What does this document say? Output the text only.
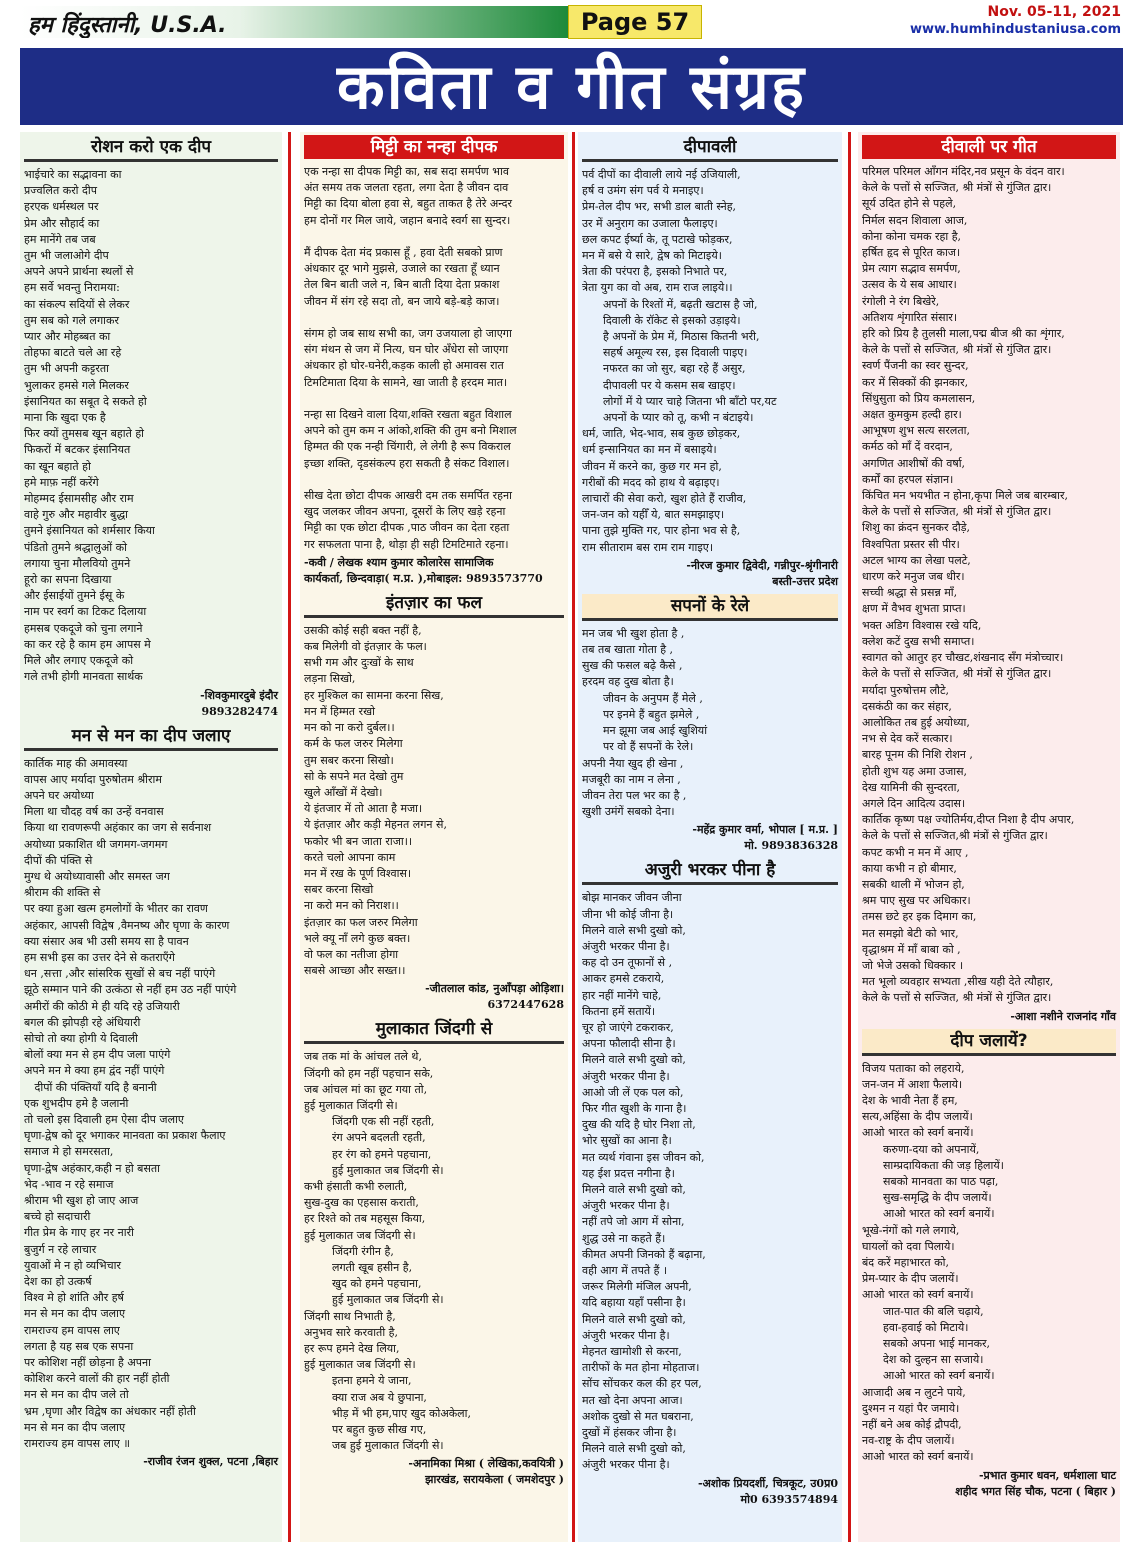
हम हिंदुस्तानी, U.S.A.	Page 57	Nov. 05-11, 2021
www.humhindustaniusa.com
कविता व गीत संग्रह
रोशन करो एक दीप
भाईचारे का सद्भावना का
प्रज्वलित करो दीप
हरएक धर्मस्थल पर
प्रेम और सौहार्द का
हम मानेंगे तब जब
तुम भी जलाओगे दीप
अपने अपने प्रार्थना स्थलों से
हम सर्वे भवन्तु निरामया:
का संकल्प सदियों से लेकर
तुम सब को गले लगाकर
प्यार और मोहब्बत का
तोहफा बाटते चले आ रहे
तुम भी अपनी कट्टरता
भुलाकर हमसे गले मिलकर
इंसानियत का सबूत दे सकते हो
माना कि खुदा एक है
फिर क्यों तुमसब खून बहाते हो
फिकरों में बटकर इंसानियत
का खून बहाते हो
हमे माफ़ नहीं करेंगे
मोहम्मद ईसामसीह और राम
वाहे गुरु और महावीर बुद्धा
तुमने इंसानियत को शर्मसार किया
पंडितो तुमने श्रद्धालुओं को
लगाया चुना मौलवियो तुमने
हूरो का सपना दिखाया
और ईसाईयों तुमने ईसू के
नाम पर स्वर्ग का टिकट दिलाया
हमसब एकदूजे को चुना लगाने
का कर रहे है काम हम आपस मे
मिले और लगाए एकदूजे को
गले तभी होगी मानवता सार्थक
-शिवकुमारदुबे इंदौर
9893282474
मन से मन का दीप जलाए
कार्तिक माह की अमावस्या
वापस आए मर्यादा पुरुषोतम श्रीराम
अपने घर अयोध्या
मिला था चौदह वर्ष का उन्हें वनवास
किया था रावणरूपी अहंकार का जग से सर्वनाश
अयोध्या प्रकाशित थी जगमग-जगमग
दीपों की पंक्ति से
मुग्ध थे अयोध्यावासी और समस्त जग
श्रीराम की शक्ति से
पर क्या हुआ खत्म हमलोगों के भीतर का रावण
अहंकार, आपसी विद्वेष ,वैमनष्य और घृणा के कारण
क्या संसार अब भी उसी समय सा है पावन
हम सभी इस का उत्तर देने से कतराएँगे
धन ,सत्ता ,और सांसरिक सुखों से बच नहीं पाएंगे
झूठे सम्मान पाने की उत्कंठा से नहीं हम उठ नहीं पाएंगे
अमीरों की कोठी मे ही यदि रहे उजियारी
बगल की झोपड़ी रहे अंधियारी
सोचो तो क्या होगी ये दिवाली
बोलों क्या मन से हम दीप जला पाएंगे
अपने मन मे क्या हम द्वंद नहीं पाएंगे
दीपों की पंक्तियाँ यदि है बनानी
एक शुभदीप हमे है जलानी
तो चलो इस दिवाली हम ऐसा दीप जलाए
घृणा-द्वेष को दूर भगाकर मानवता का प्रकाश फैलाए
समाज मे हो समरसता,
घृणा-द्वेष अहंकार,कही न हो बसता
भेद -भाव न रहे समाज
श्रीराम भी खुश हो जाए आज
बच्चे हो सदाचारी
गीत प्रेम के गाए हर नर नारी
बुजुर्ग न रहे लाचार
युवाओं मे न हो व्यभिचार
देश का हो उत्कर्ष
विश्व मे हो शांति और हर्ष
मन से मन का दीप जलाए
रामराज्य हम वापस लाए
लगता है यह सब एक सपना
पर कोशिश नहीं छोड़ना है अपना
कोशिश करने वालों की हार नहीं होती
मन से मन का दीप जले तो
भ्रम ,घृणा और विद्वेष का अंधकार नहीं होती
मन से मन का दीप जलाए
रामराज्य हम वापस लाए ॥
-राजीव रंजन शुक्ल, पटना ,बिहार
मिट्टी का नन्हा दीपक
एक नन्हा सा दीपक मिट्टी का, सब सदा समर्पण भाव
अंत समय तक जलता रहता, लगा देता है जीवन दाव
मिट्टी का दिया बोला हवा से, बहुत ताकत है तेरे अन्दर
हम दोनों गर मिल जाये, जहान बनादे स्वर्ग सा सुन्दर।

मैं दीपक देता मंद प्रकास हूँ , हवा देती सबको प्राण
अंधकार दूर भागे मुझसे, उजाले का रखता हूँ ध्यान
तेल बिन बाती जले न, बिन बाती दिया देता प्रकाश
जीवन में संग रहे सदा तो, बन जाये बड़े-बड़े काज।

संगम हो जब साथ सभी का, जग उजयाला हो जाएगा
संग मंथन से जग में नित्य, घन घोर अँधेरा सो जाएगा
अंधकार हो घोर-घनेरी,कड़क काली हो अमावस रात
टिमटिमाता दिया के सामने, खा जाती है हरदम मात।

नन्हा सा दिखने वाला दिया,शक्ति रखता बहुत विशाल
अपने को तुम कम न आंको,शक्ति की तुम बनो मिशाल
हिम्मत की एक नन्ही चिंगारी, ले लेगी है रूप विकराल
इच्छा शक्ति, दृडसंकल्प हरा सकती है संकट विशाल।

सीख देता छोटा दीपक आखरी दम तक समर्पित रहना
खुद जलकर जीवन अपना, दूसरों के लिए खड़े रहना
मिट्टी का एक छोटा दीपक ,पाठ जीवन का देता रहता
गर सफलता पाना है, थोड़ा ही सही टिमटिमाते रहना।
-कवी / लेखक श्याम कुमार कोलारेस सामाजिक
कार्यकर्ता, छिन्दवाड़ा( म.प्र. ),मोबाइल: 9893573770
इंतज़ार का फल
उसकी कोई सही बक्त नहीं है,
कब मिलेगी वो इंतज़ार के फल।
सभी गम और दुःखों के साथ
लड़ना सिखो,
हर मुश्किल का सामना करना सिख,
मन में हिम्मत रखो
मन को ना करो दुर्बल।।
कर्म के फल जरुर मिलेगा
तुम सबर करना सिखो।
सो के सपने मत देखो तुम
खुले आँखों में देखो।
ये इंतजार में तो आता है मजा।
ये इंतज़ार और कड़ी मेहनत लगन से,
फकोर भी बन जाता राजा।।
करते चलो आपना काम
मन में रख के पूर्ण विश्वास।
सबर करना सिखो
ना करो मन को निराश।।
इंतज़ार का फल जरुर मिलेगा
भले क्यू नाँ लगे कुछ बक्त।
वो फल का नतीजा होगा
सबसे आच्छा और सख्त।।
-जीतलाल कांड, नुआँपड़ा ओड़िशा।
6372447628
मुलाकात जिंदगी से
जब तक मां के आंचल तले थे,
जिंदगी को हम नहीं पहचान सके,
जब आंचल मां का छूट गया तो,
हुई मुलाकात जिंदगी से।
जिंदगी एक सी नहीं रहती,
रंग अपने बदलती रहती,
हर रंग को हमने पहचाना,
हुई मुलाकात जब जिंदगी से।
कभी हंसाती कभी रुलाती,
सुख-दुख का एहसास कराती,
हर रिश्ते को तब महसूस किया,
हुई मुलाकात जब जिंदगी से।
जिंदगी रंगीन है,
लगती खूब हसीन है,
खुद को हमने पहचाना,
हुई मुलाकात जब जिंदगी से।
जिंदगी साथ निभाती है,
अनुभव सारे करवाती है,
हर रूप हमने देख लिया,
हुई मुलाकात जब जिंदगी से।
इतना हमने ये जाना,
क्या राज अब ये छुपाना,
भीड़ में भी हम,पाए खुद कोअकेला,
पर बहुत कुछ सीख गए,
जब हुई मुलाकात जिंदगी से।
-अनामिका मिश्रा ( लेखिका,कवयित्री )
झारखंड, सरायकेला ( जमशेदपुर )
दीपावली
पर्व दीपों का दीवाली लाये नई उजियाली,
हर्ष व उमंग संग पर्व ये मनाइए।
प्रेम-तेल दीप भर, सभी डाल बाती स्नेह,
उर में अनुराग का उजाला फैलाइए।
छल कपट ईर्ष्या के, तू पटाखे फोड़कर,
मन में बसे ये सारे, द्वेष को मिटाइये।
त्रेता की परंपरा है, इसको निभाते पर,
त्रेता युग का वो अब, राम राज लाइये।।
अपनों के रिश्तों में, बढ़ती खटास है जो,
दिवाली के रॉकेट से इसको उड़ाइये।
है अपनों के प्रेम में, मिठास कितनी भरी,
सहर्ष अमूल्य रस, इस दिवाली पाइए।
नफरत का जो सुर, बहा रहे हैं असुर,
दीपावली पर ये कसम सब खाइए।
लोगों में ये प्यार चाहे जितना भी बाँटो पर,यट
अपनों के प्यार को तू, कभी न बंटाइये।
धर्म, जाति, भेद-भाव, सब कुछ छोड़कर,
धर्म इन्सानियत का मन में बसाइये।
जीवन में करने का, कुछ गर मन हो,
गरीबों की मदद को हाथ ये बढ़ाइए।
लाचारों की सेवा करो, खुश होते हैं राजीव,
जन-जन को यहीँ ये, बात समझाइए।
पाना तुझे मुक्ति गर, पार होना भव से है,
राम सीताराम बस राम राम गाइए।
-नीरज कुमार द्विवेदी, गन्नीपुर-श्रृंगीनारी
बस्ती-उत्तर प्रदेश
सपनों के रेले
मन जब भी खुश होता है ,
तब तब खाता गोता है ,
सुख की फसल बढ़े कैसे ,
हरदम वह दुख बोता है।
जीवन के अनुपम हैं मेले ,
पर इनमे हैं बहुत झमेले ,
मन झूमा जब आई खुशियां
पर वो हैं सपनों के रेले।
अपनी नैया खुद ही खेना ,
मजबूरी का नाम न लेना ,
जीवन तेरा पल भर का है ,
खुशी उमंगें सबको देना।
-महेंद्र कुमार वर्मा, भोपाल [ म.प्र. ]
मो. 9893836328
अजुरी भरकर पीना है
बोझ मानकर जीवन जीना
जीना भी कोई जीना है।
मिलने वाले सभी दुखो को,
अंजुरी भरकर पीना है।
कह दो उन तूफानों से ,
आकर हमसे टकराये,
हार नहीं मानेंगे चाहे,
कितना हमें सतायें।
चूर हो जाएंगे टकराकर,
अपना फौलादी सीना है।
मिलने वाले सभी दुखो को,
अंजुरी भरकर पीना है।
आओ जी लें एक पल को,
फिर गीत खुशी के गाना है।
दुख की यदि है घोर निशा तो,
भोर सुखों का आना है।
मत व्यर्थ गंवाना इस जीवन को,
यह ईश प्रदत्त नगीना है।
मिलने वाले सभी दुखो को,
अंजुरी भरकर पीना है।
नहीं तपे जो आग में सोना,
शुद्ध उसे ना कहते हैं।
कीमत अपनी जिनको हैं बढ़ाना,
वही आग में तपते हैं ।
जरूर मिलेगी मंजिल अपनी,
यदि बहाया यहाँ पसीना है।
मिलने वाले सभी दुखो को,
अंजुरी भरकर पीना है।
मेहनत खामोशी से करना,
तारीफों के मत होना मोहताज।
सोंच सोंचकर कल की हर पल,
मत खो देना अपना आज।
अशोक दुखो से मत घबराना,
दुखों में हंसकर जीना है।
मिलने वाले सभी दुखो को,
अंजुरी भरकर पीना है।
-अशोक प्रियदर्शी, चित्रकूट, उ0प्र0
मो0 6393574894
दीवाली पर गीत
परिमल परिमल आँगन मंदिर,नव प्रसून के वंदन वार।
केले के पत्तों से सज्जित, श्री मंत्रों से गुंजित द्वार।
सूर्य उदित होने से पहले,
निर्मल सदन शिवाला आज,
कोना कोना चमक रहा है,
हर्षित हृद से पूरित काज।
प्रेम त्याग सद्भाव समर्पण,
उत्सव के ये सब आधार।
रंगोली ने रंग बिखेरे,
अतिशय शृंगारित संसार।
हरि को प्रिय है तुलसी माला,पद्म बीज श्री का शृंगार,
केले के पत्तों से सज्जित, श्री मंत्रों से गुंजित द्वार।
स्वर्ण पैंजनी का स्वर सुन्दर,
कर में सिक्कों की झनकार,
सिंधुसुता को प्रिय कमलासन,
अक्षत कुमकुम हल्दी हार।
आभूषण शुभ सत्य सरलता,
कर्मठ को माँ दें वरदान,
अगणित आशीषों की वर्षा,
कर्मों का हरपल संज्ञान।
किंचित मन भयभीत न होना,कृपा मिले जब बारम्बार,
केले के पत्तों से सज्जित, श्री मंत्रों से गुंजित द्वार।
शिशु का क्रंदन सुनकर दौड़े,
विश्वपिता प्रस्तर सी पीर।
अटल भाग्य का लेखा पलटे,
धारण करे मनुज जब धीर।
सच्ची श्रद्धा से प्रसन्न माँ,
क्षण में वैभव शुभता प्राप्त।
भक्त अडिग विश्वास रखे यदि,
क्लेश कटें दुख सभी समाप्त।
स्वागत को आतुर हर चौखट,शंखनाद सँग मंत्रोच्चार।
केले के पत्तों से सज्जित, श्री मंत्रों से गुंजित द्वार।
मर्यादा पुरुषोत्तम लौटे,
दसकंठी का कर संहार,
आलोकित तब हुई अयोध्या,
नभ से देव करें सत्कार।
बारह पूनम की निशि रोशन ,
होती शुभ यह अमा उजास,
देख यामिनी की सुन्दरता,
अगले दिन आदित्य उदास।
कार्तिक कृष्ण पक्ष ज्योतिर्मय,दीप्त निशा है दीप अपार,
केले के पत्तों से सज्जित,श्री मंत्रों से गुंजित द्वार।
कपट कभी न मन में आए ,
काया कभी न हो बीमार,
सबकी थाली में भोजन हो,
श्रम पाए सुख पर अधिकार।
तमस छटे हर इक दिमाग का,
मत समझो बेटी को भार,
वृद्धाश्रम में माँ बाबा को ,
जो भेजे उसको धिक्कार ।
मत भूलो व्यवहार सभ्यता ,सीख यही देते त्यौहार,
केले के पत्तों से सज्जित, श्री मंत्रों से गुंजित द्वार।
-आशा नशीने राजनांद गाँव
दीप जलायें?
विजय पताका को लहराये,
जन-जन में आशा फैलाये।
देश के भावी नेता हैं हम,
सत्य,अहिंसा के दीप जलायें।
आओ भारत को स्वर्ग बनायें।
करुणा-दया को अपनायें,
साम्प्रदायिकता की जड़ हिलायें।
सबको मानवता का पाठ पढ़ा,
सुख-समृद्धि के दीप जलायें।
आओ भारत को स्वर्ग बनायें।
भूखे-नंगों को गले लगाये,
घायलों को दवा पिलाये।
बंद करें महाभारत को,
प्रेम-प्यार के दीप जलायें।
आओ भारत को स्वर्ग बनायें।
जात-पात की बलि चढ़ाये,
हवा-हवाई को मिटाये।
सबको अपना भाई मानकर,
देश को दुल्हन सा सजाये।
आओ भारत को स्वर्ग बनायें।
आजादी अब न लुटने पाये,
दुश्मन न यहां पैर जमाये।
नहीं बने अब कोई द्रौपदी,
नव-राष्ट्र के दीप जलायें।
आओ भारत को स्वर्ग बनायें।
-प्रभात कुमार धवन, धर्मशाला घाट
शहीद भगत सिंह चौक, पटना ( बिहार )
